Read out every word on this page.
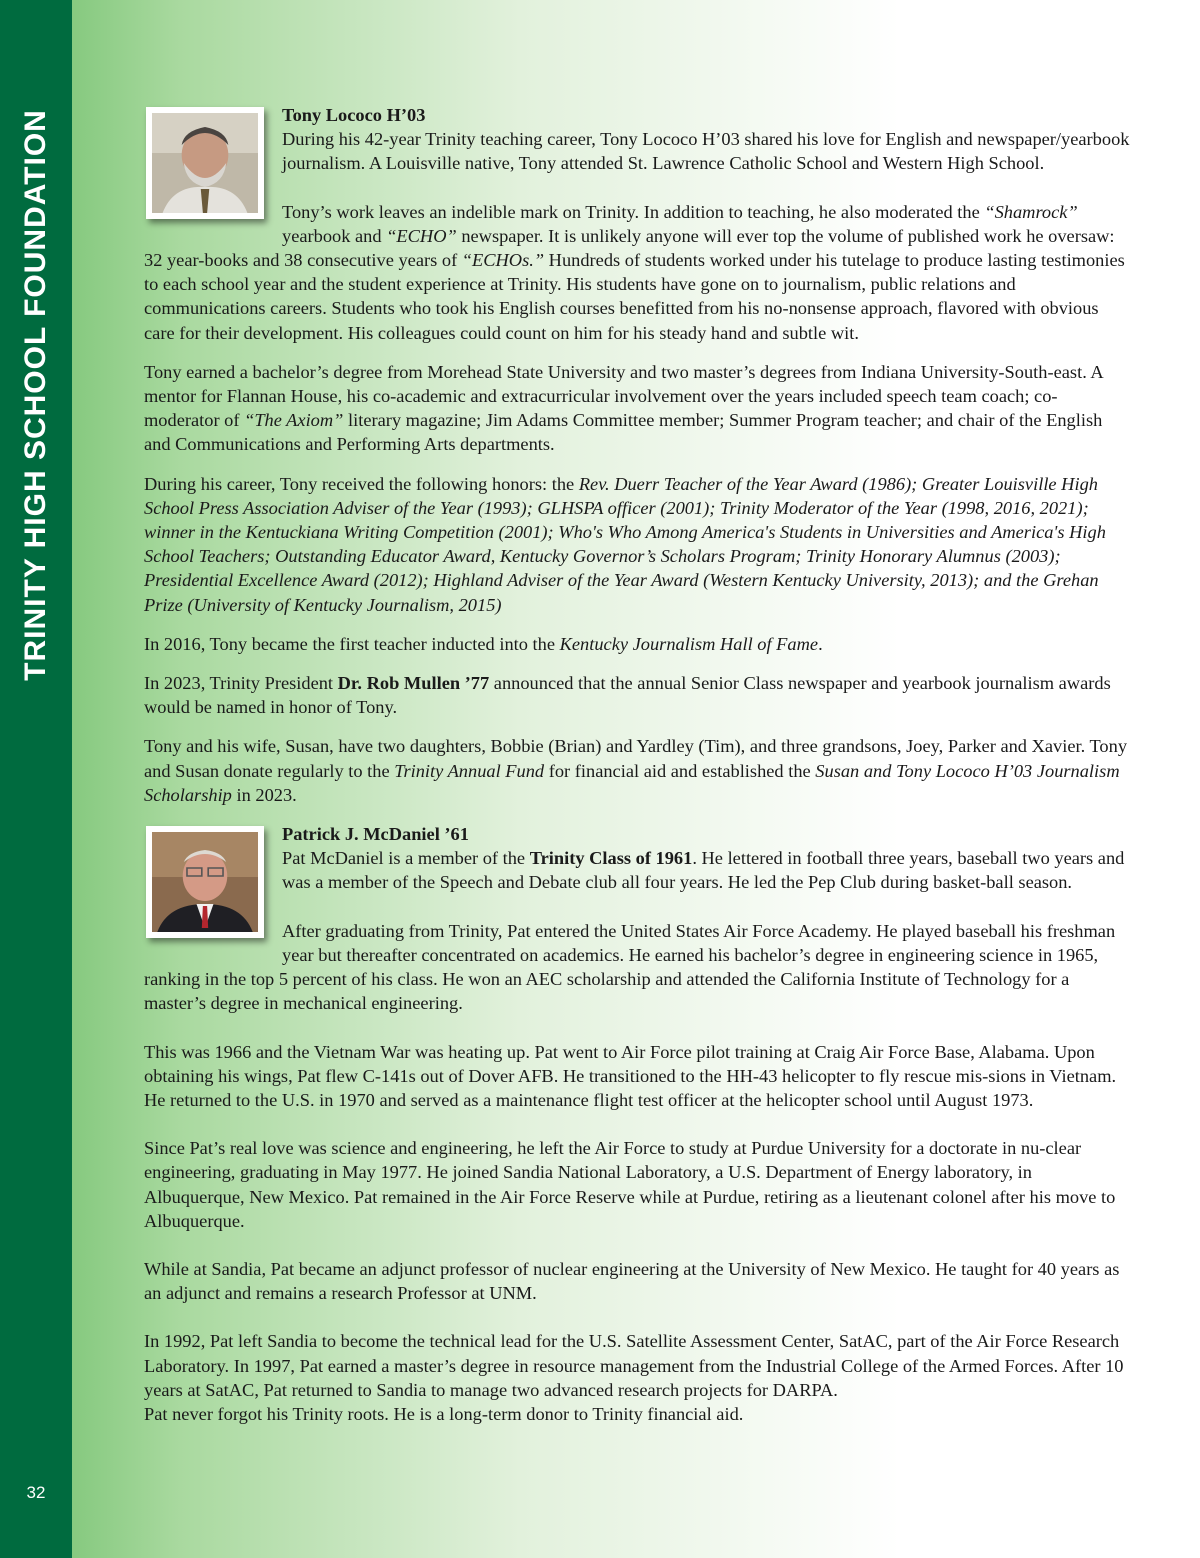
TRINITY HIGH SCHOOL FOUNDATION
32

Tony Lococo H’03

During his 42-year Trinity teaching career, Tony Lococo H’03 shared his love for English and newspaper/yearbook journalism. A Louisville native, Tony attended St. Lawrence Catholic School and Western High School.

Tony’s work leaves an indelible mark on Trinity. In addition to teaching, he also moderated the “Shamrock” yearbook and “ECHO” newspaper. It is unlikely anyone will ever top the volume of published work he oversaw: 32 year-books and 38 consecutive years of “ECHOs.” Hundreds of students worked under his tutelage to produce lasting testimonies to each school year and the student experience at Trinity. His students have gone on to journalism, public relations and communications careers. Students who took his English courses benefitted from his no-nonsense approach, flavored with obvious care for their development. His colleagues could count on him for his steady hand and subtle wit.

Tony earned a bachelor’s degree from Morehead State University and two master’s degrees from Indiana University-South-east. A mentor for Flannan House, his co-academic and extracurricular involvement over the years included speech team coach; co-moderator of “The Axiom” literary magazine; Jim Adams Committee member; Summer Program teacher; and chair of the English and Communications and Performing Arts departments.

During his career, Tony received the following honors: the Rev. Duerr Teacher of the Year Award (1986); Greater Louisville High School Press Association Adviser of the Year (1993); GLHSPA officer (2001); Trinity Moderator of the Year (1998, 2016, 2021); winner in the Kentuckiana Writing Competition (2001); Who's Who Among America's Students in Universities and America's High School Teachers; Outstanding Educator Award, Kentucky Governor’s Scholars Program; Trinity Honorary Alumnus (2003); Presidential Excellence Award (2012); Highland Adviser of the Year Award (Western Kentucky University, 2013); and the Grehan Prize (University of Kentucky Journalism, 2015)

In 2016, Tony became the first teacher inducted into the Kentucky Journalism Hall of Fame.

In 2023, Trinity President Dr. Rob Mullen ’77 announced that the annual Senior Class newspaper and yearbook journalism awards would be named in honor of Tony.

Tony and his wife, Susan, have two daughters, Bobbie (Brian) and Yardley (Tim), and three grandsons, Joey, Parker and Xavier. Tony and Susan donate regularly to the Trinity Annual Fund for financial aid and established the Susan and Tony Lococo H’03 Journalism Scholarship in 2023.

Patrick J. McDaniel ’61

Pat McDaniel is a member of the Trinity Class of 1961. He lettered in football three years, baseball two years and was a member of the Speech and Debate club all four years. He led the Pep Club during basket-ball season.

After graduating from Trinity, Pat entered the United States Air Force Academy. He played baseball his freshman year but thereafter concentrated on academics. He earned his bachelor’s degree in engineering science in 1965, ranking in the top 5 percent of his class. He won an AEC scholarship and attended the California Institute of Technology for a master’s degree in mechanical engineering.

This was 1966 and the Vietnam War was heating up. Pat went to Air Force pilot training at Craig Air Force Base, Alabama. Upon obtaining his wings, Pat flew C-141s out of Dover AFB. He transitioned to the HH-43 helicopter to fly rescue mis-sions in Vietnam. He returned to the U.S. in 1970 and served as a maintenance flight test officer at the helicopter school until August 1973.

Since Pat’s real love was science and engineering, he left the Air Force to study at Purdue University for a doctorate in nu-clear engineering, graduating in May 1977. He joined Sandia National Laboratory, a U.S. Department of Energy laboratory, in Albuquerque, New Mexico. Pat remained in the Air Force Reserve while at Purdue, retiring as a lieutenant colonel after his move to Albuquerque.

While at Sandia, Pat became an adjunct professor of nuclear engineering at the University of New Mexico. He taught for 40 years as an adjunct and remains a research Professor at UNM.

In 1992, Pat left Sandia to become the technical lead for the U.S. Satellite Assessment Center, SatAC, part of the Air Force Research Laboratory. In 1997, Pat earned a master’s degree in resource management from the Industrial College of the Armed Forces. After 10 years at SatAC, Pat returned to Sandia to manage two advanced research projects for DARPA.

Pat never forgot his Trinity roots. He is a long-term donor to Trinity financial aid.
